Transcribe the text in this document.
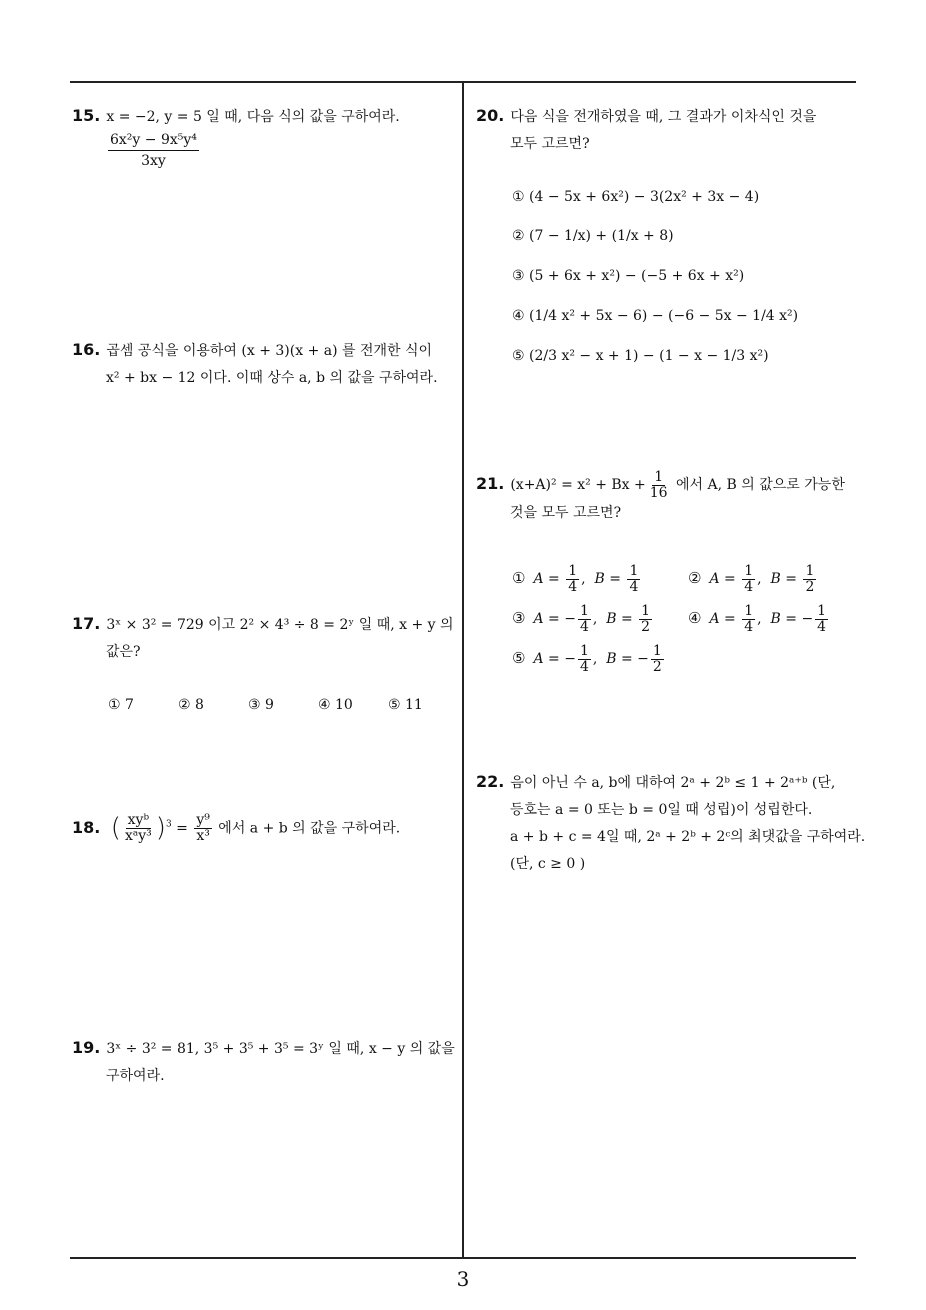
15. x = −2, y = 5 일 때, 다음 식의 값을 구하여라.
$\frac{\text{6x²y − 9x⁵y⁴}}{3xy}$
16. 곱셈 공식을 이용하여 (x + 3)(x + a) 를 전개한 식이
x² + bx − 12 이다. 이때 상수 a, b 의 값을 구하여라.
17. 3ˣ × 3² = 729 이고 2² × 4³ ÷ 8 = 2ʸ 일 때, x + y 의
값은?
① 7	② 8	③ 9	④ 10	⑤ 11
18. ( $\frac{\text{xyᵇ}}{\text{xᵃy³}} )^3 = \frac{\text{y⁹}}{\text{x³}}$ 에서 a + b 의 값을 구하여라.
19. 3ˣ ÷ 3² = 81, 3⁵ + 3⁵ + 3⁵ = 3ʸ 일 때, x − y 의 값을
구하여라.
20. 다음 식을 전개하였을 때, 그 결과가 이차식인 것을
모두 고르면?
① (4 − 5x + 6x²) − 3(2x² + 3x − 4)
② (7 − 1/x) + (1/x + 8)
③ (5 + 6x + x²) − (−5 + 6x + x²)
④ (1/4 x² + 5x − 6) − (−6 − 5x − 1/4 x²)
⑤ (2/3 x² − x + 1) − (1 − x − 1/3 x²)
21. $(x+A)^2 = x^2 + Bx + \frac{1}{16}$ 에서 A, B 의 값으로 가능한
것을 모두 고르면?
① $A = \frac{1}{4}$ ,  $B = \frac{1}{4}$	② $A = \frac{1}{4}$ ,  $B = \frac{1}{2}$
③ A = − $\frac{1}{4}$ ,  $B = \frac{1}{2}$ ④ $A = \frac{1}{4}$ ,  B = − $\frac{1}{4}$
⑤ A = − $\frac{1}{4}$ ,  B = − $\frac{1}{2}$
22. 음이 아닌 수 a, b에 대하여 2ᵃ + 2ᵇ ≤ 1 + 2ᵃ⁺ᵇ (단,
등호는 a = 0 또는 b = 0일 때 성립)이 성립한다.
a + b + c = 4일 때, 2ᵃ + 2ᵇ + 2ᶜ의 최댓값을 구하여라.
(단, c ≥ 0 )
3
